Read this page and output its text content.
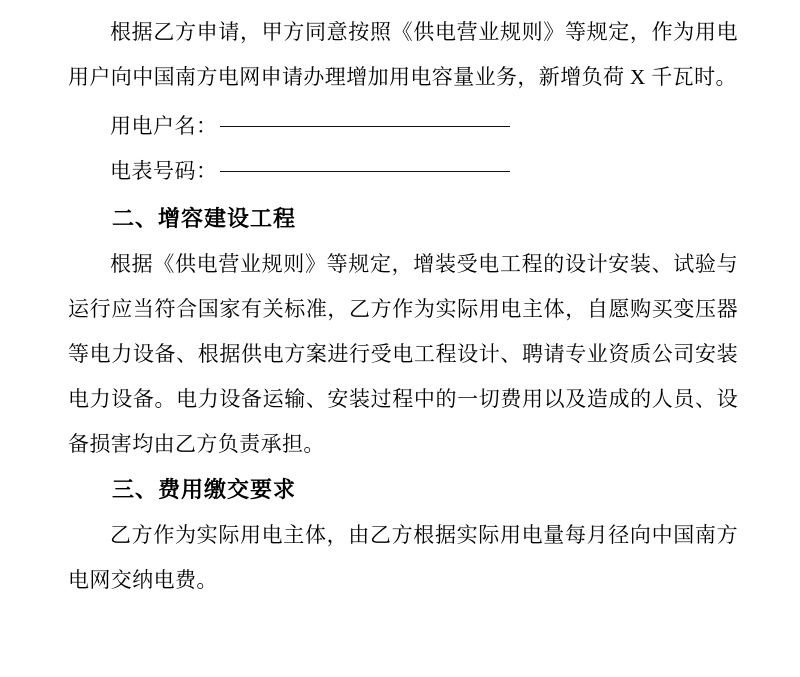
根据乙方申请，甲方同意按照《供电营业规则》等规定，作为用电用户向中国南方电网申请办理增加用电容量业务，新增负荷 X 千瓦时。

用电户名：
电表号码：
二、增容建设工程

根据《供电营业规则》等规定，增装受电工程的设计安装、试验与运行应当符合国家有关标准，乙方作为实际用电主体，自愿购买变压器等电力设备、根据供电方案进行受电工程设计、聘请专业资质公司安装电力设备。电力设备运输、安装过程中的一切费用以及造成的人员、设备损害均由乙方负责承担。

三、费用缴交要求

乙方作为实际用电主体，由乙方根据实际用电量每月径向中国南方电网交纳电费。
